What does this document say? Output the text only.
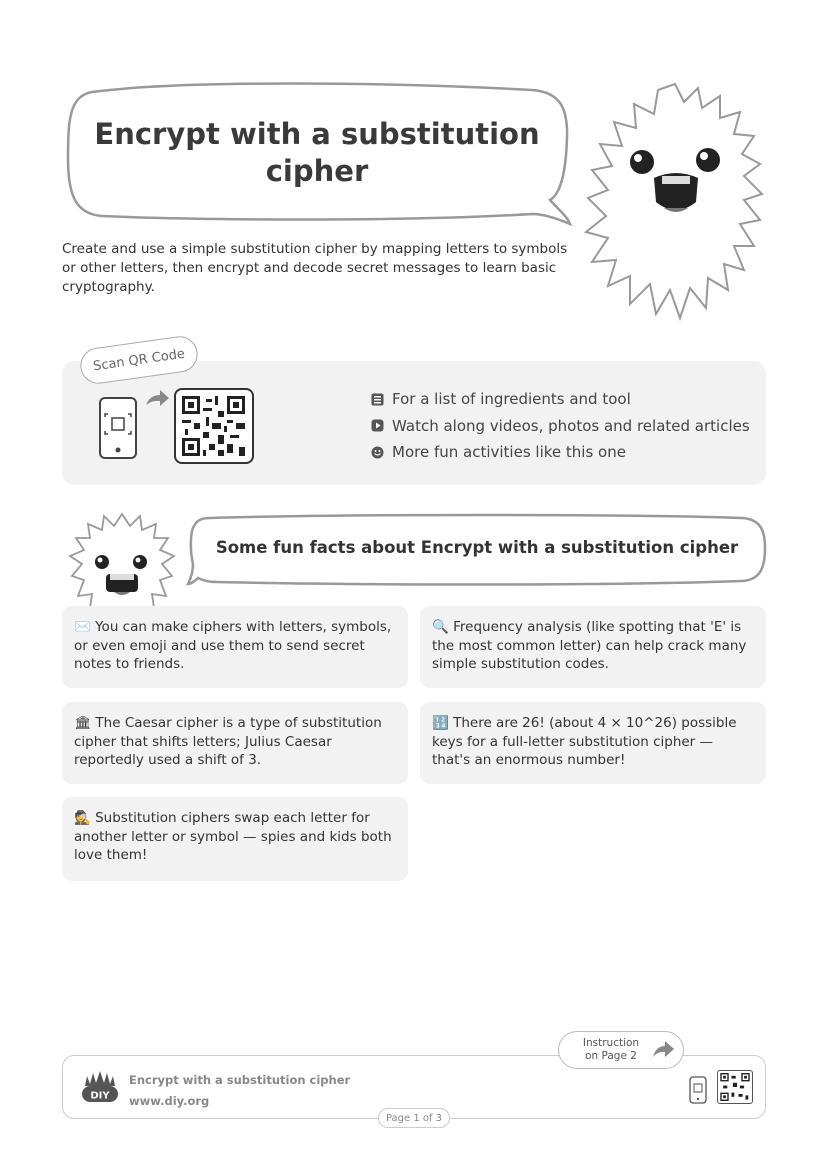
Encrypt with a substitution
cipher
Create and use a simple substitution cipher by mapping letters to symbols or other letters, then encrypt and decode secret messages to learn basic cryptography.
Scan QR Code
For a list of ingredients and tool
Watch along videos, photos and related articles
More fun activities like this one
Some fun facts about Encrypt with a substitution cipher
✉️ You can make ciphers with letters, symbols, or even emoji and use them to send secret notes to friends.
🔍 Frequency analysis (like spotting that 'E' is the most common letter) can help crack many simple substitution codes.
🏛 The Caesar cipher is a type of substitution cipher that shifts letters; Julius Caesar reportedly used a shift of 3.
🔢 There are 26! (about 4 × 10^26) possible keys for a full-letter substitution cipher — that's an enormous number!
🕵️ Substitution ciphers swap each letter for another letter or symbol — spies and kids both love them!
Instruction
on Page 2
DIY
Encrypt with a substitution cipher
www.diy.org
Page 1 of 3
